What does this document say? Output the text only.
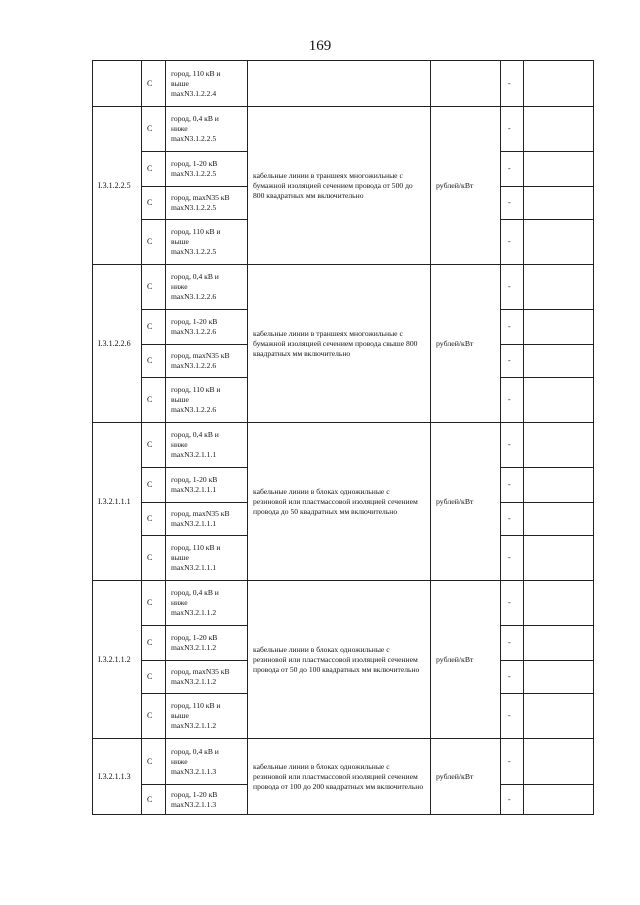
169
	С	город, 110 кВ и
выше
maxN3.1.2.2.4			-	
I.3.1.2.2.5	С	город, 0,4 кВ и
ниже
maxN3.1.2.2.5	кабельные линии в траншеях многожильные с бумажной изоляцией сечением провода от 500 до 800 квадратных мм включительно	рублей/кВт	-	
	С	город, 1-20 кВ
maxN3.1.2.2.5			-	
	С	город, maxN35 кВ
maxN3.1.2.2.5			-	
	С	город, 110 кВ и
выше
maxN3.1.2.2.5			-	
I.3.1.2.2.6	С	город, 0,4 кВ и
ниже
maxN3.1.2.2.6	кабельные линии в траншеях многожильные с бумажной изоляцией сечением провода свыше 800 квадратных мм включительно	рублей/кВт	-	
	С	город, 1-20 кВ
maxN3.1.2.2.6			-	
	С	город, maxN35 кВ
maxN3.1.2.2.6			-	
	С	город, 110 кВ и
выше
maxN3.1.2.2.6			-	
I.3.2.1.1.1	С	город, 0,4 кВ и
ниже
maxN3.2.1.1.1	кабельные линии в блоках одножильные с резиновой или пластмассовой изоляцией сечением провода до 50 квадратных мм включительно	рублей/кВт	-	
	С	город, 1-20 кВ
maxN3.2.1.1.1			-	
	С	город, maxN35 кВ
maxN3.2.1.1.1			-	
	С	город, 110 кВ и
выше
maxN3.2.1.1.1			-	
I.3.2.1.1.2	С	город, 0,4 кВ и
ниже
maxN3.2.1.1.2	кабельные линии в блоках одножильные с резиновой или пластмассовой изоляцией сечением провода от 50 до 100 квадратных мм включительно	рублей/кВт	-	
	С	город, 1-20 кВ
maxN3.2.1.1.2			-	
	С	город, maxN35 кВ
maxN3.2.1.1.2			-	
	С	город, 110 кВ и
выше
maxN3.2.1.1.2			-	
I.3.2.1.1.3	С	город, 0,4 кВ и
ниже
maxN3.2.1.1.3	кабельные линии в блоках одножильные с резиновой или пластмассовой изоляцией сечением провода от 100 до 200 квадратных мм включительно	рублей/кВт	-	
	С	город, 1-20 кВ
maxN3.2.1.1.3			-	
